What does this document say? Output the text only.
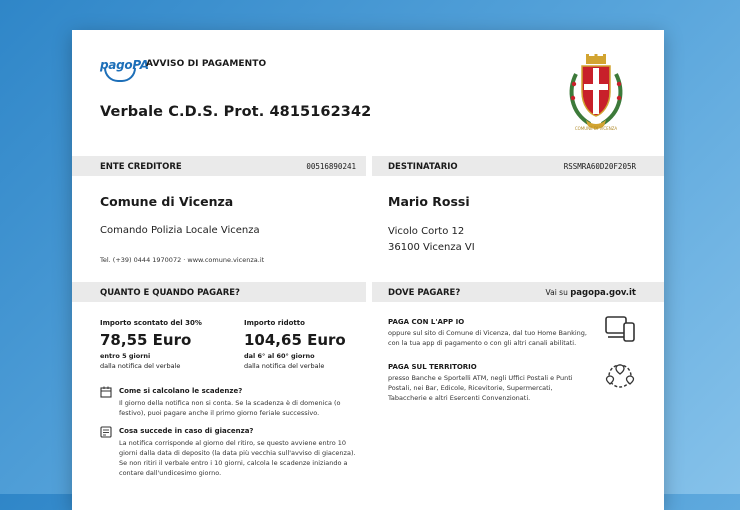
pagoPA
AVVISO DI PAGAMENTO
Verbale C.D.S. Prot. 4815162342
COMUNE DI VICENZA
ENTE CREDITORE	00516890241	DESTINATARIO	RSSMRA60D20F205R
Comune di Vicenza
Comando Polizia Locale Vicenza
Tel. (+39) 0444 1970072 · www.comune.vicenza.it
Mario Rossi
Vicolo Corto 12
36100 Vicenza VI
QUANTO E QUANDO PAGARE?	DOVE PAGARE?	Vai su pagopa.gov.it
Importo scontato del 30%
78,55 Euro
entro 5 giorni
dalla notifica del verbale
Importo ridotto
104,65 Euro
dal 6° al 60° giorno
dalla notifica del verbale
Come si calcolano le scadenze?
Il giorno della notifica non si conta. Se la scadenza è di domenica (o
festivo), puoi pagare anche il primo giorno feriale successivo.
Cosa succede in caso di giacenza?
La notifica corrisponde al giorno del ritiro, se questo avviene entro 10
giorni dalla data di deposito (la data più vecchia sull'avviso di giacenza).
Se non ritiri il verbale entro i 10 giorni, calcola le scadenze iniziando a
contare dall'undicesimo giorno.
PAGA CON L'APP IO
oppure sul sito di Comune di Vicenza, dal tuo Home Banking,
con la tua app di pagamento o con gli altri canali abilitati.
PAGA SUL TERRITORIO
presso Banche e Sportelli ATM, negli Uffici Postali e Punti
Postali, nei Bar, Edicole, Ricevitorie, Supermercati,
Tabaccherie e altri Esercenti Convenzionati.
